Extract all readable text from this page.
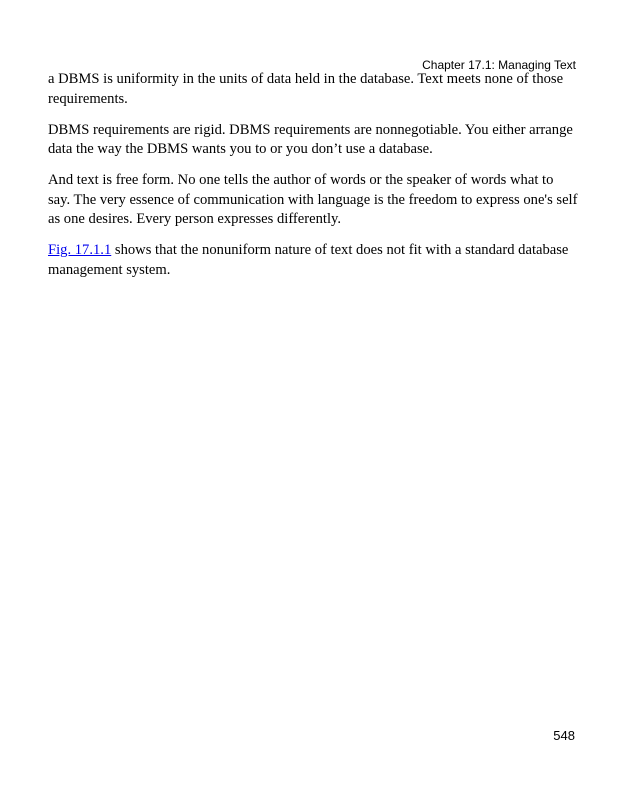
Chapter 17.1: Managing Text

a DBMS is uniformity in the units of data held in the database. Text meets none of those requirements.

DBMS requirements are rigid. DBMS requirements are nonnegotiable. You either arrange data the way the DBMS wants you to or you don’t use a database.

And text is free form. No one tells the author of words or the speaker of words what to say. The very essence of communication with language is the freedom to express one's self as one desires. Every person expresses differently.

Fig. 17.1.1 shows that the nonuniform nature of text does not fit with a standard database management system.

548
